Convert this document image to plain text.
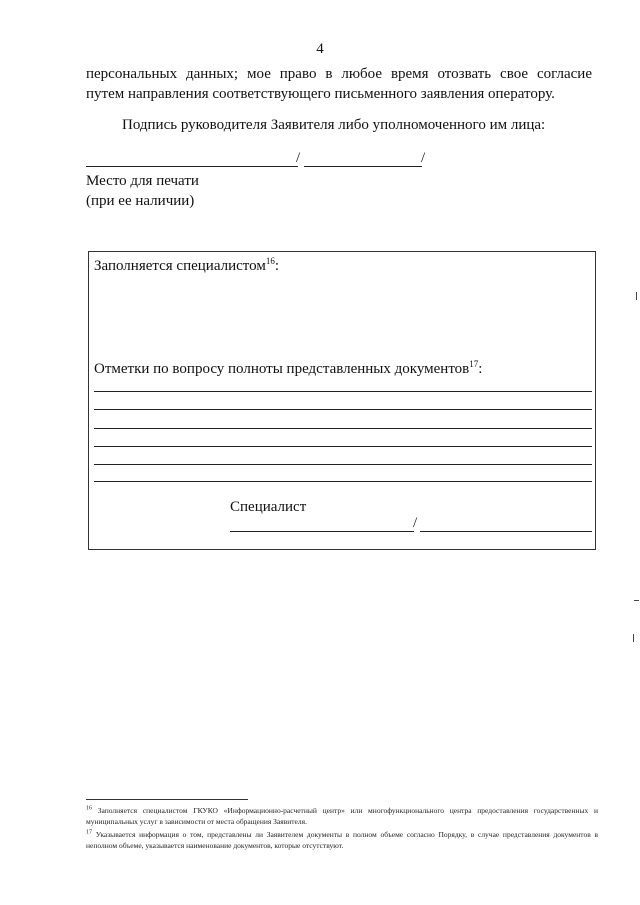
4
персональных данных; мое право в любое время отозвать свое согласие
путем направления соответствующего письменного заявления оператору.
Подпись руководителя Заявителя либо уполномоченного им лица:
/	/
Место для печати
(при ее наличии)
Заполняется специалистом$^{16}$:
Отметки по вопросу полноты представленных документов$^{17}$:
Специалист
/
$^{16}$ Заполняется специалистом ГКУКО «Информационно-расчетный центр» или многофункционального центра предоставления государственных и муниципальных услуг в зависимости от места обращения Заявителя.
$^{17}$ Указывается информация о том, представлены ли Заявителем документы в полном объеме согласно Порядку, в случае представления документов в неполном объеме, указывается наименование документов, которые отсутствуют.
